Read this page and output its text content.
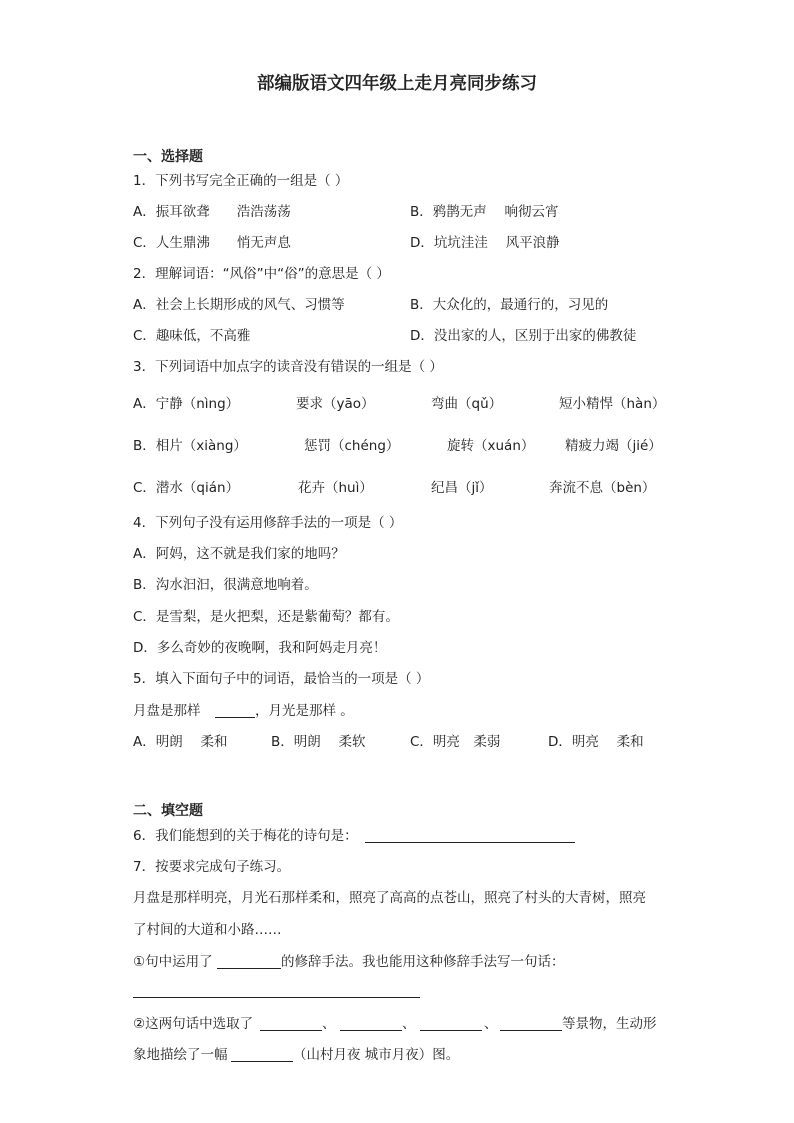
部编版语文四年级上走月亮同步练习
一、选择题
1．下列书写完全正确的一组是（ ）
A．振耳欲聋　　浩浩荡荡	B．鸦鹊无声　 响彻云宵
C．人生鼎沸　　悄无声息	D．坑坑洼洼　 风平浪静
2．理解词语：“风俗”中“俗”的意思是（ ）
A．社会上长期形成的风气、习惯等	B．大众化的，最通行的，习见的
C．趣味低，不高雅	D．没出家的人，区别于出家的佛教徒
3．下列词语中加点字的读音没有错误的一组是（ ）
A．宁静（nìng）	要求（yāo）	弯曲（qǔ）	短小精悍（hàn）
B．相片（xiàng）	惩罚（chéng）	旋转（xuán） 精疲力竭（jié）
C．潜水（qián）	花卉（huì）	纪昌（jǐ）	奔流不息（bèn）
4．下列句子没有运用修辞手法的一项是（ ）
A．阿妈，这不就是我们家的地吗？
B．沟水汩汩，很满意地响着。
C．是雪梨，是火把梨，还是紫葡萄？都有。
D．多么奇妙的夜晚啊，我和阿妈走月亮！
5．填入下面句子中的词语，最恰当的一项是（ ）
月盘是那样	，月光是那样 。
A．明朗　 柔和	B．明朗　 柔软	C．明亮　柔弱	D．明亮　 柔和
二、填空题
6．我们能想到的关于梅花的诗句是：
7．按要求完成句子练习。
月盘是那样明亮，月光石那样柔和，照亮了高高的点苍山，照亮了村头的大青树，照亮
了村间的大道和小路……
①句中运用了	的修辞手法。我也能用这种修辞手法写一句话：
②这两句话中选取了	、	、	、	等景物，生动形
象地描绘了一幅	（山村月夜 城市月夜）图。
